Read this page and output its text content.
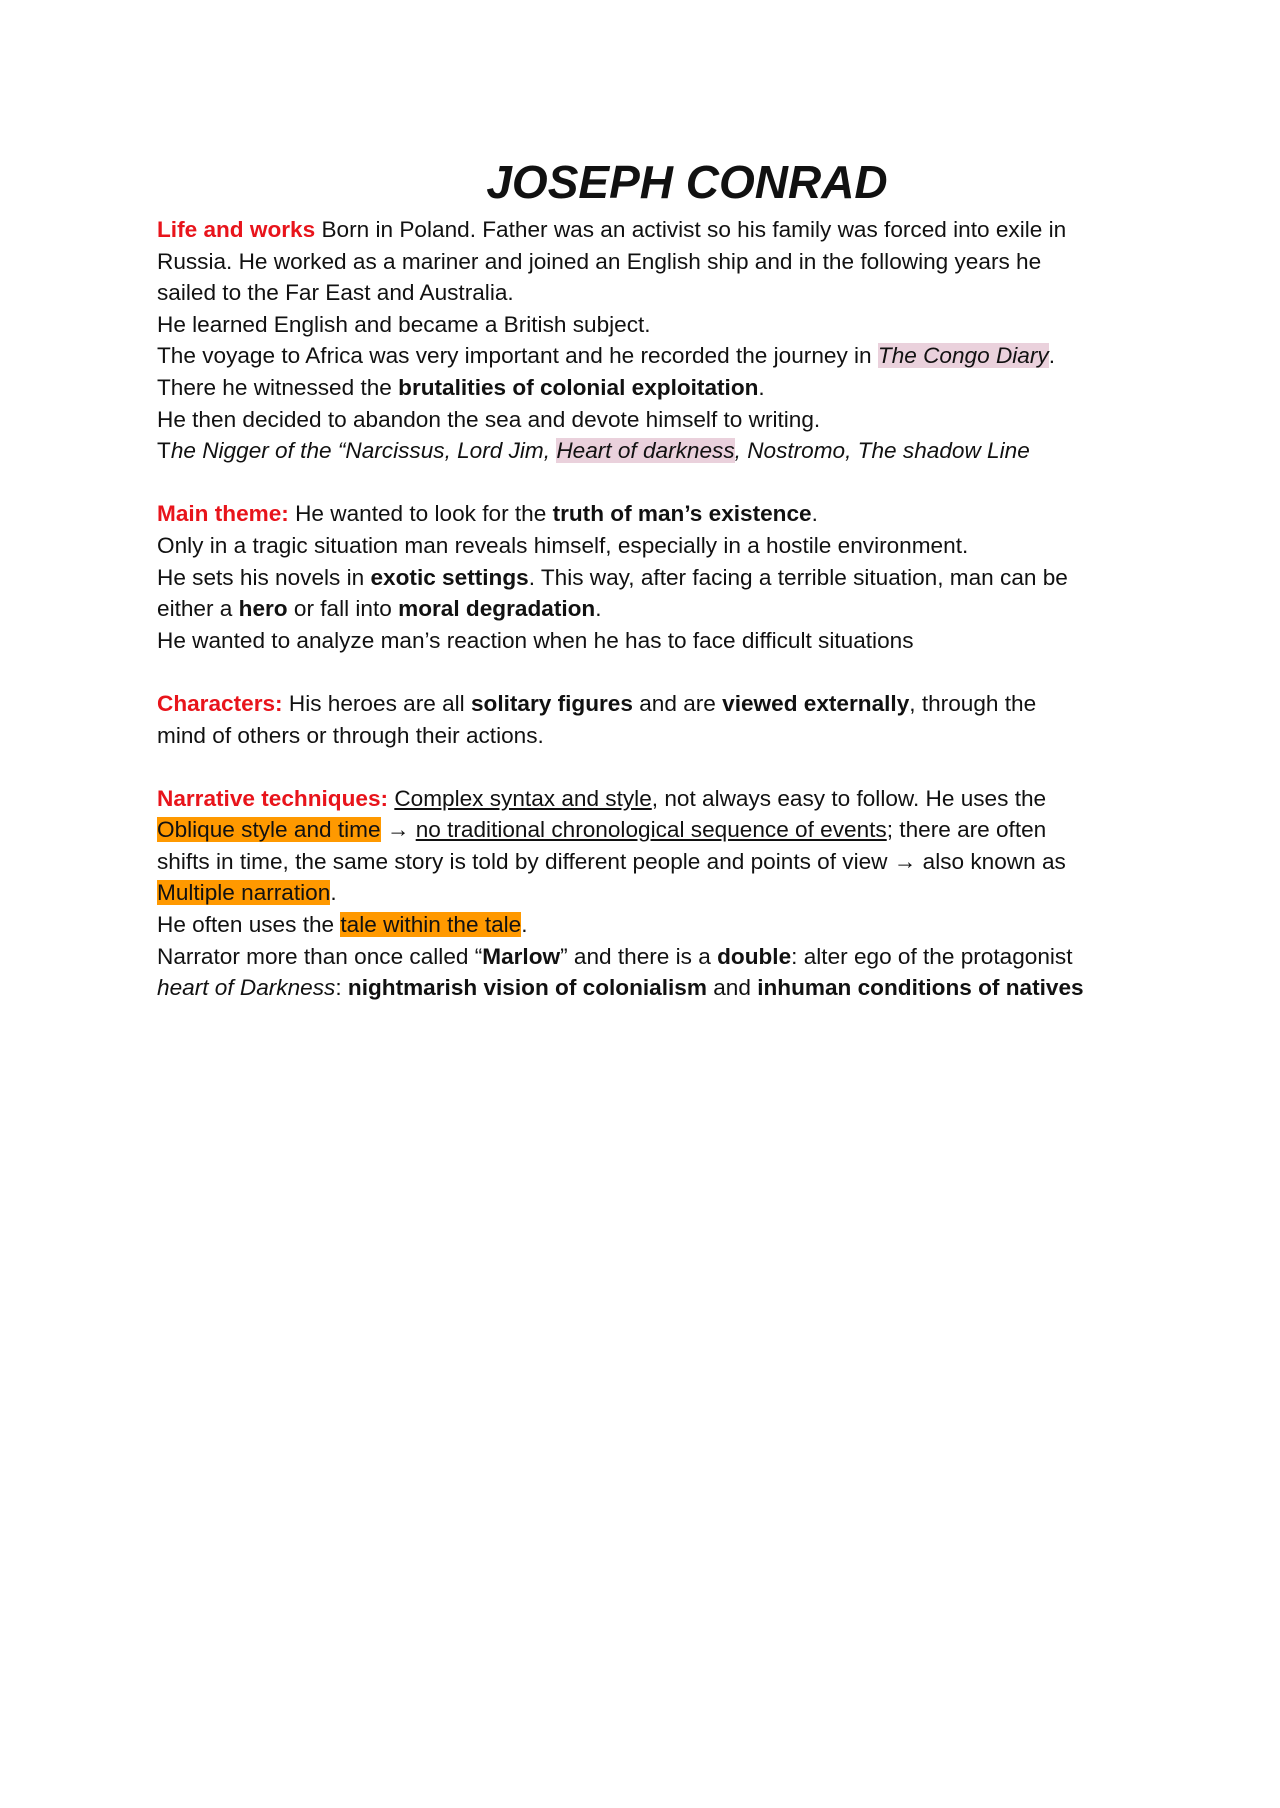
JOSEPH CONRAD
Life and works Born in Poland. Father was an activist so his family was forced into exile in
Russia. He worked as a mariner and joined an English ship and in the following years he
sailed to the Far East and Australia.
He learned English and became a British subject.
The voyage to Africa was very important and he recorded the journey in The Congo Diary.
There he witnessed the brutalities of colonial exploitation.
He then decided to abandon the sea and devote himself to writing.
The Nigger of the “Narcissus, Lord Jim, Heart of darkness, Nostromo, The shadow Line
Main theme: He wanted to look for the truth of man’s existence.
Only in a tragic situation man reveals himself, especially in a hostile environment.
He sets his novels in exotic settings. This way, after facing a terrible situation, man can be
either a hero or fall into moral degradation.
He wanted to analyze man’s reaction when he has to face difficult situations
Characters: His heroes are all solitary figures and are viewed externally, through the
mind of others or through their actions.
Narrative techniques: Complex syntax and style, not always easy to follow. He uses the
Oblique style and time → no traditional chronological sequence of events; there are often
shifts in time, the same story is told by different people and points of view → also known as
Multiple narration.
He often uses the tale within the tale.
Narrator more than once called “Marlow” and there is a double: alter ego of the protagonist
heart of Darkness: nightmarish vision of colonialism and inhuman conditions of natives
